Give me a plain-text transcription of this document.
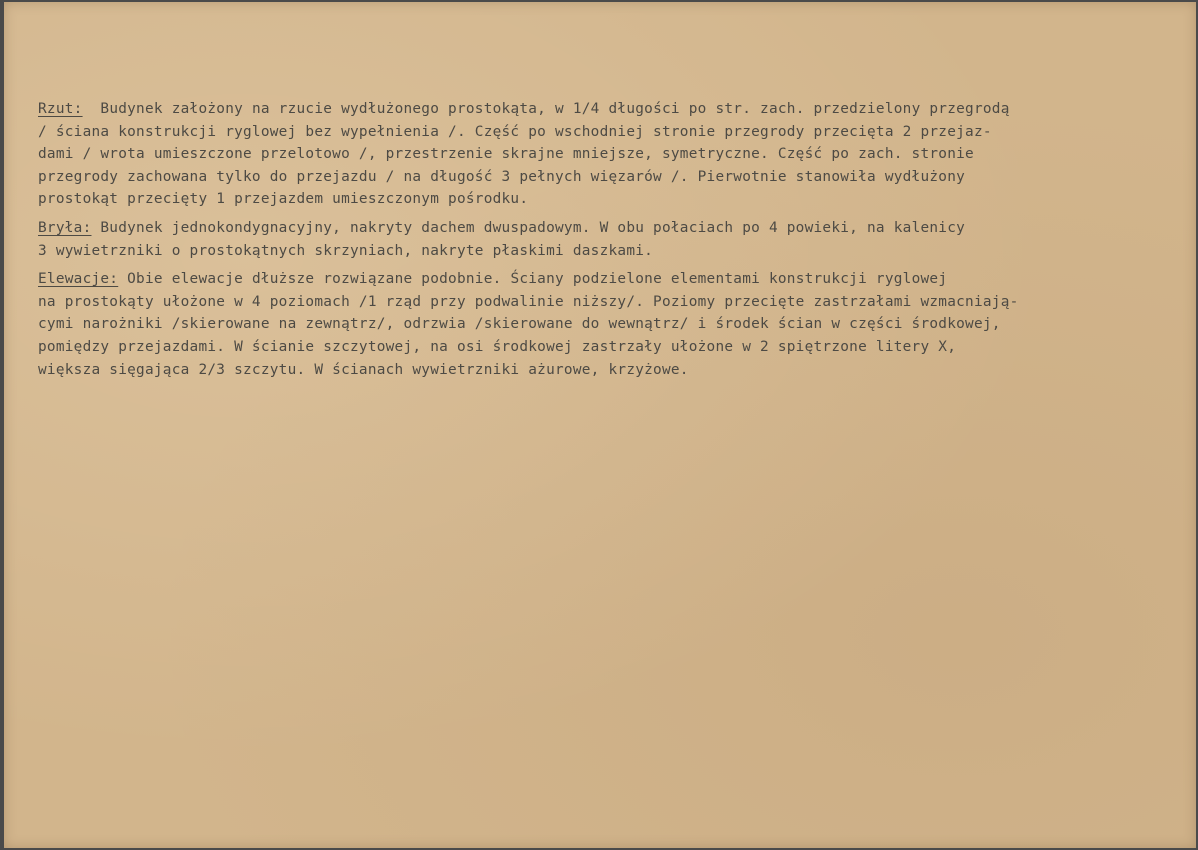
Rzut:  Budynek założony na rzucie wydłużonego prostokąta, w 1/4 długości po str. zach. przedzielony przegrodą
/ ściana konstrukcji ryglowej bez wypełnienia /. Część po wschodniej stronie przegrody przecięta 2 przejaz-
dami / wrota umieszczone przelotowo /, przestrzenie skrajne mniejsze, symetryczne. Część po zach. stronie
przegrody zachowana tylko do przejazdu / na długość 3 pełnych więzarów /. Pierwotnie stanowiła wydłużony
prostokąt przecięty 1 przejazdem umieszczonym pośrodku.
Bryła: Budynek jednokondygnacyjny, nakryty dachem dwuspadowym. W obu połaciach po 4 powieki, na kalenicy
3 wywietrzniki o prostokątnych skrzyniach, nakryte płaskimi daszkami.
Elewacje: Obie elewacje dłuższe rozwiązane podobnie. Ściany podzielone elementami konstrukcji ryglowej
na prostokąty ułożone w 4 poziomach /1 rząd przy podwalinie niższy/. Poziomy przecięte zastrzałami wzmacniają-
cymi narożniki /skierowane na zewnątrz/, odrzwia /skierowane do wewnątrz/ i środek ścian w części środkowej,
pomiędzy przejazdami. W ścianie szczytowej, na osi środkowej zastrzały ułożone w 2 spiętrzone litery X,
większa sięgająca 2/3 szczytu. W ścianach wywietrzniki ażurowe, krzyżowe.
